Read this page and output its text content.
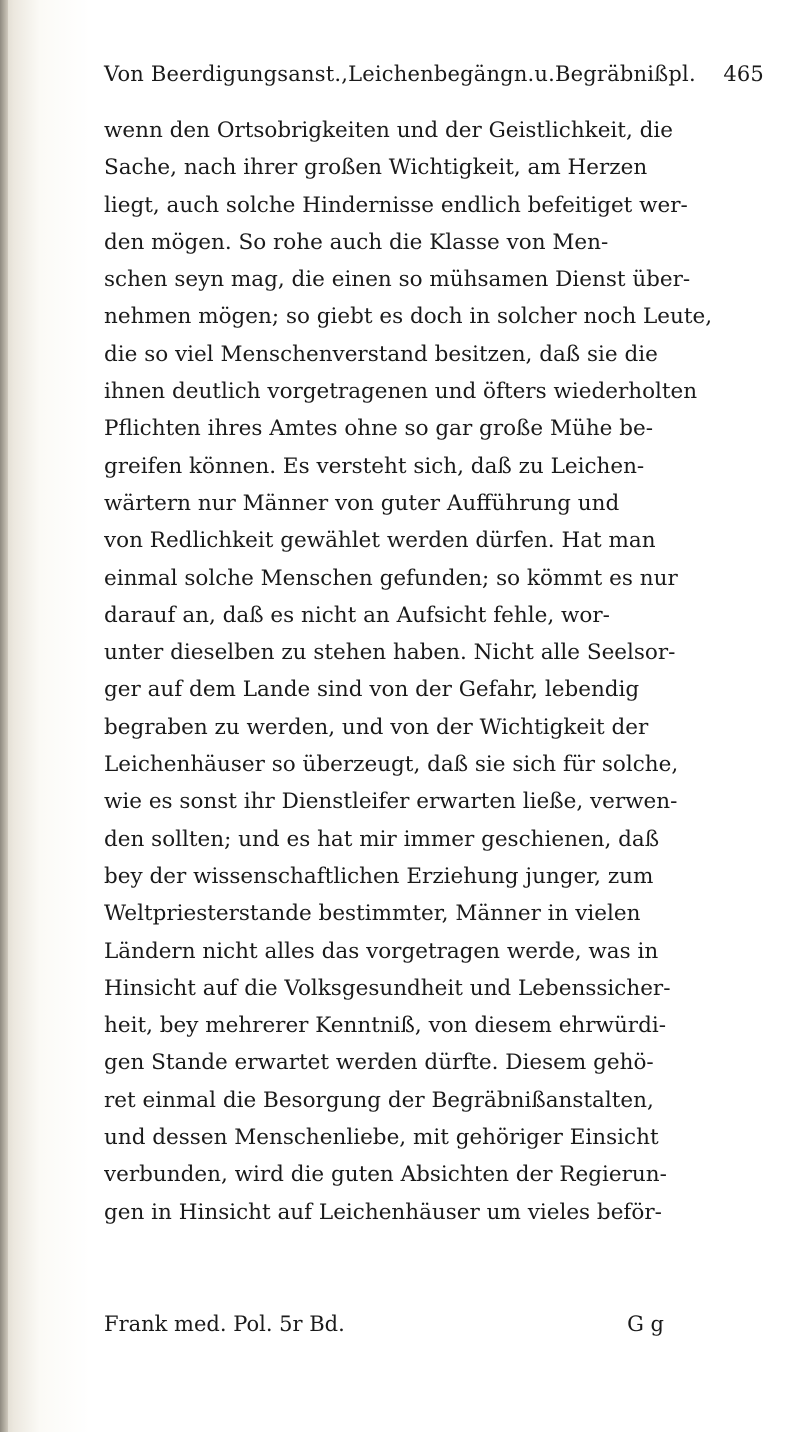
Von Beerdigungsanst.,Leichenbegängn.u.Begräbnißpl. 465
wenn den Ortsobrigkeiten und der Geistlichkeit, die
Sache, nach ihrer großen Wichtigkeit, am Herzen
liegt, auch solche Hindernisse endlich befeitiget wer-
den mögen. So rohe auch die Klasse von Men-
schen seyn mag, die einen so mühsamen Dienst über-
nehmen mögen; so giebt es doch in solcher noch Leute,
die so viel Menschenverstand besitzen, daß sie die
ihnen deutlich vorgetragenen und öfters wiederholten
Pflichten ihres Amtes ohne so gar große Mühe be-
greifen können. Es versteht sich, daß zu Leichen-
wärtern nur Männer von guter Aufführung und
von Redlichkeit gewählet werden dürfen. Hat man
einmal solche Menschen gefunden; so kömmt es nur
darauf an, daß es nicht an Aufsicht fehle, wor-
unter dieselben zu stehen haben. Nicht alle Seelsor-
ger auf dem Lande sind von der Gefahr, lebendig
begraben zu werden, und von der Wichtigkeit der
Leichenhäuser so überzeugt, daß sie sich für solche,
wie es sonst ihr Dienstleifer erwarten ließe, verwen-
den sollten; und es hat mir immer geschienen, daß
bey der wissenschaftlichen Erziehung junger, zum
Weltpriesterstande bestimmter, Männer in vielen
Ländern nicht alles das vorgetragen werde, was in
Hinsicht auf die Volksgesundheit und Lebenssicher-
heit, bey mehrerer Kenntniß, von diesem ehrwürdi-
gen Stande erwartet werden dürfte. Diesem gehö-
ret einmal die Besorgung der Begräbnißanstalten,
und dessen Menschenliebe, mit gehöriger Einsicht
verbunden, wird die guten Absichten der Regierun-
gen in Hinsicht auf Leichenhäuser um vieles beför-
Frank med. Pol. 5r Bd.	G g
